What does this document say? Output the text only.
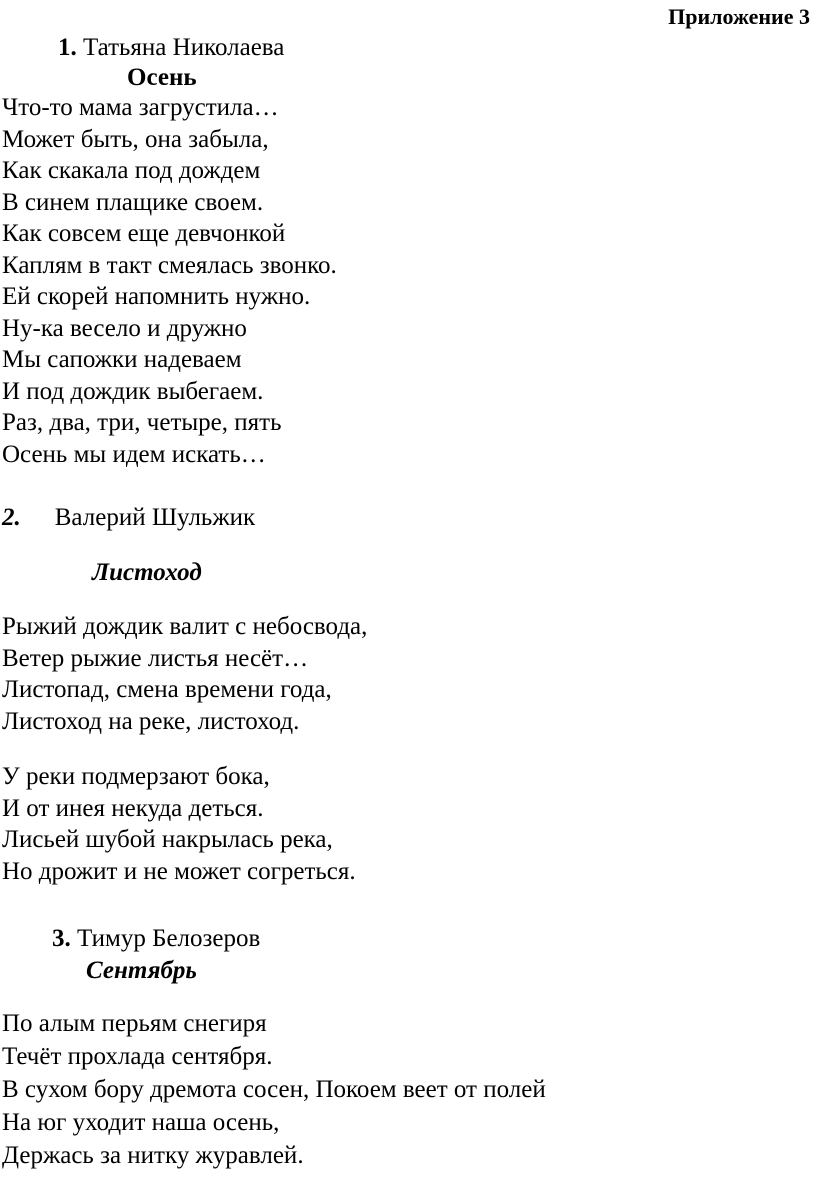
Приложение 3
1. Татьяна Николаева
Осень
Что-то мама загрустила…
Может быть, она забыла,
Как скакала под дождем
В синем плащике своем.
Как совсем еще девчонкой
Каплям в такт смеялась звонко.
Ей скорей напомнить нужно.
Ну-ка весело и дружно
Мы сапожки надеваем
И под дождик выбегаем.
Раз, два, три, четыре, пять
Осень мы идем искать…
2. Валерий Шульжик
Листоход
Рыжий дождик валит с небосвода,
Ветер рыжие листья несёт…
Листопад, смена времени года,
Листоход на реке, листоход.
У реки подмерзают бока,
И от инея некуда деться.
Лисьей шубой накрылась река,
Но дрожит и не может согреться.
3. Тимур Белозеров
Сентябрь
По алым перьям снегиря
Течёт прохлада сентября.
В сухом бору дремота сосен, Покоем веет от полей
На юг уходит наша осень,
Держась за нитку журавлей.
